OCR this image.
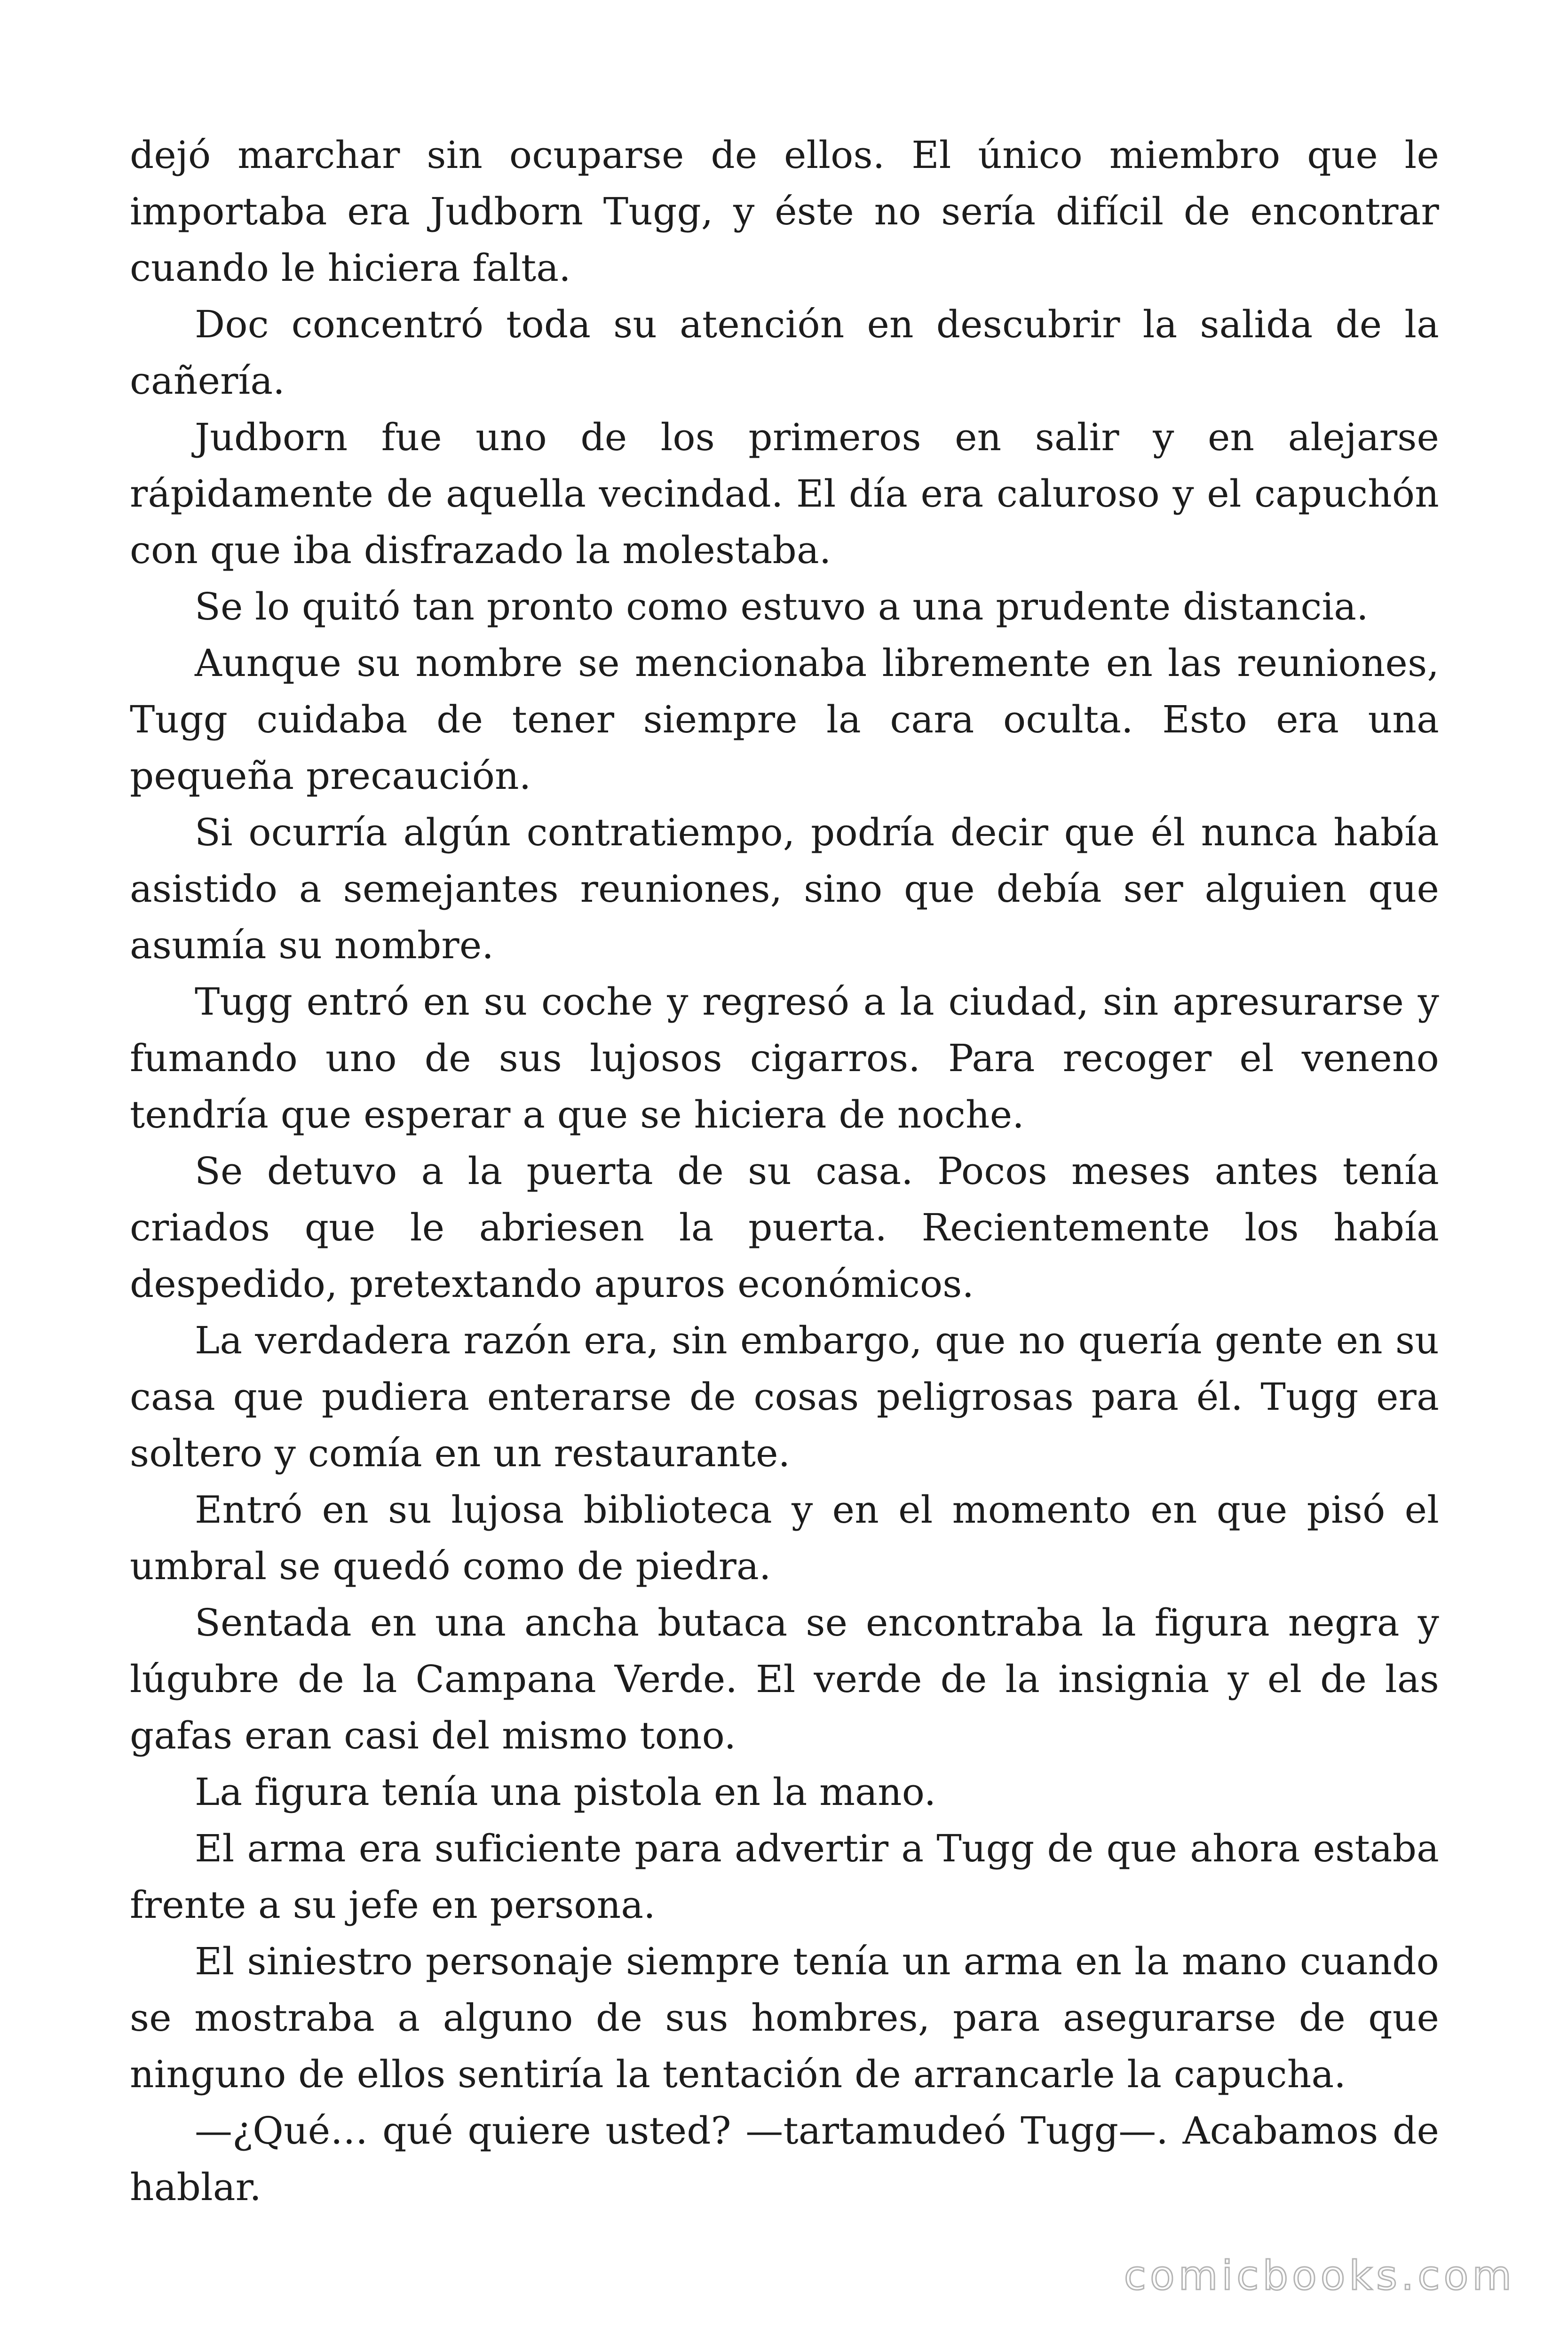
dejó marchar sin ocuparse de ellos. El único miembro que le importaba era Judborn Tugg, y éste no sería difícil de encontrar cuando le hiciera falta.

Doc concentró toda su atención en descubrir la salida de la cañería.

Judborn fue uno de los primeros en salir y en alejarse rápidamente de aquella vecindad. El día era caluroso y el capuchón con que iba disfrazado la molestaba.

Se lo quitó tan pronto como estuvo a una prudente distancia.

Aunque su nombre se mencionaba libremente en las reuniones, Tugg cuidaba de tener siempre la cara oculta. Esto era una pequeña precaución.

Si ocurría algún contratiempo, podría decir que él nunca había asistido a semejantes reuniones, sino que debía ser alguien que asumía su nombre.

Tugg entró en su coche y regresó a la ciudad, sin apresurarse y fumando uno de sus lujosos cigarros. Para recoger el veneno tendría que esperar a que se hiciera de noche.

Se detuvo a la puerta de su casa. Pocos meses antes tenía criados que le abriesen la puerta. Recientemente los había despedido, pretextando apuros económicos.

La verdadera razón era, sin embargo, que no quería gente en su casa que pudiera enterarse de cosas peligrosas para él. Tugg era soltero y comía en un restaurante.

Entró en su lujosa biblioteca y en el momento en que pisó el umbral se quedó como de piedra.

Sentada en una ancha butaca se encontraba la figura negra y lúgubre de la Campana Verde. El verde de la insignia y el de las gafas eran casi del mismo tono.

La figura tenía una pistola en la mano.

El arma era suficiente para advertir a Tugg de que ahora estaba frente a su jefe en persona.

El siniestro personaje siempre tenía un arma en la mano cuando se mostraba a alguno de sus hombres, para asegurarse de que ninguno de ellos sentiría la tentación de arrancarle la capucha.

—¿Qué… qué quiere usted? —tartamudeó Tugg—. Acabamos de hablar.

comicbooks.com
